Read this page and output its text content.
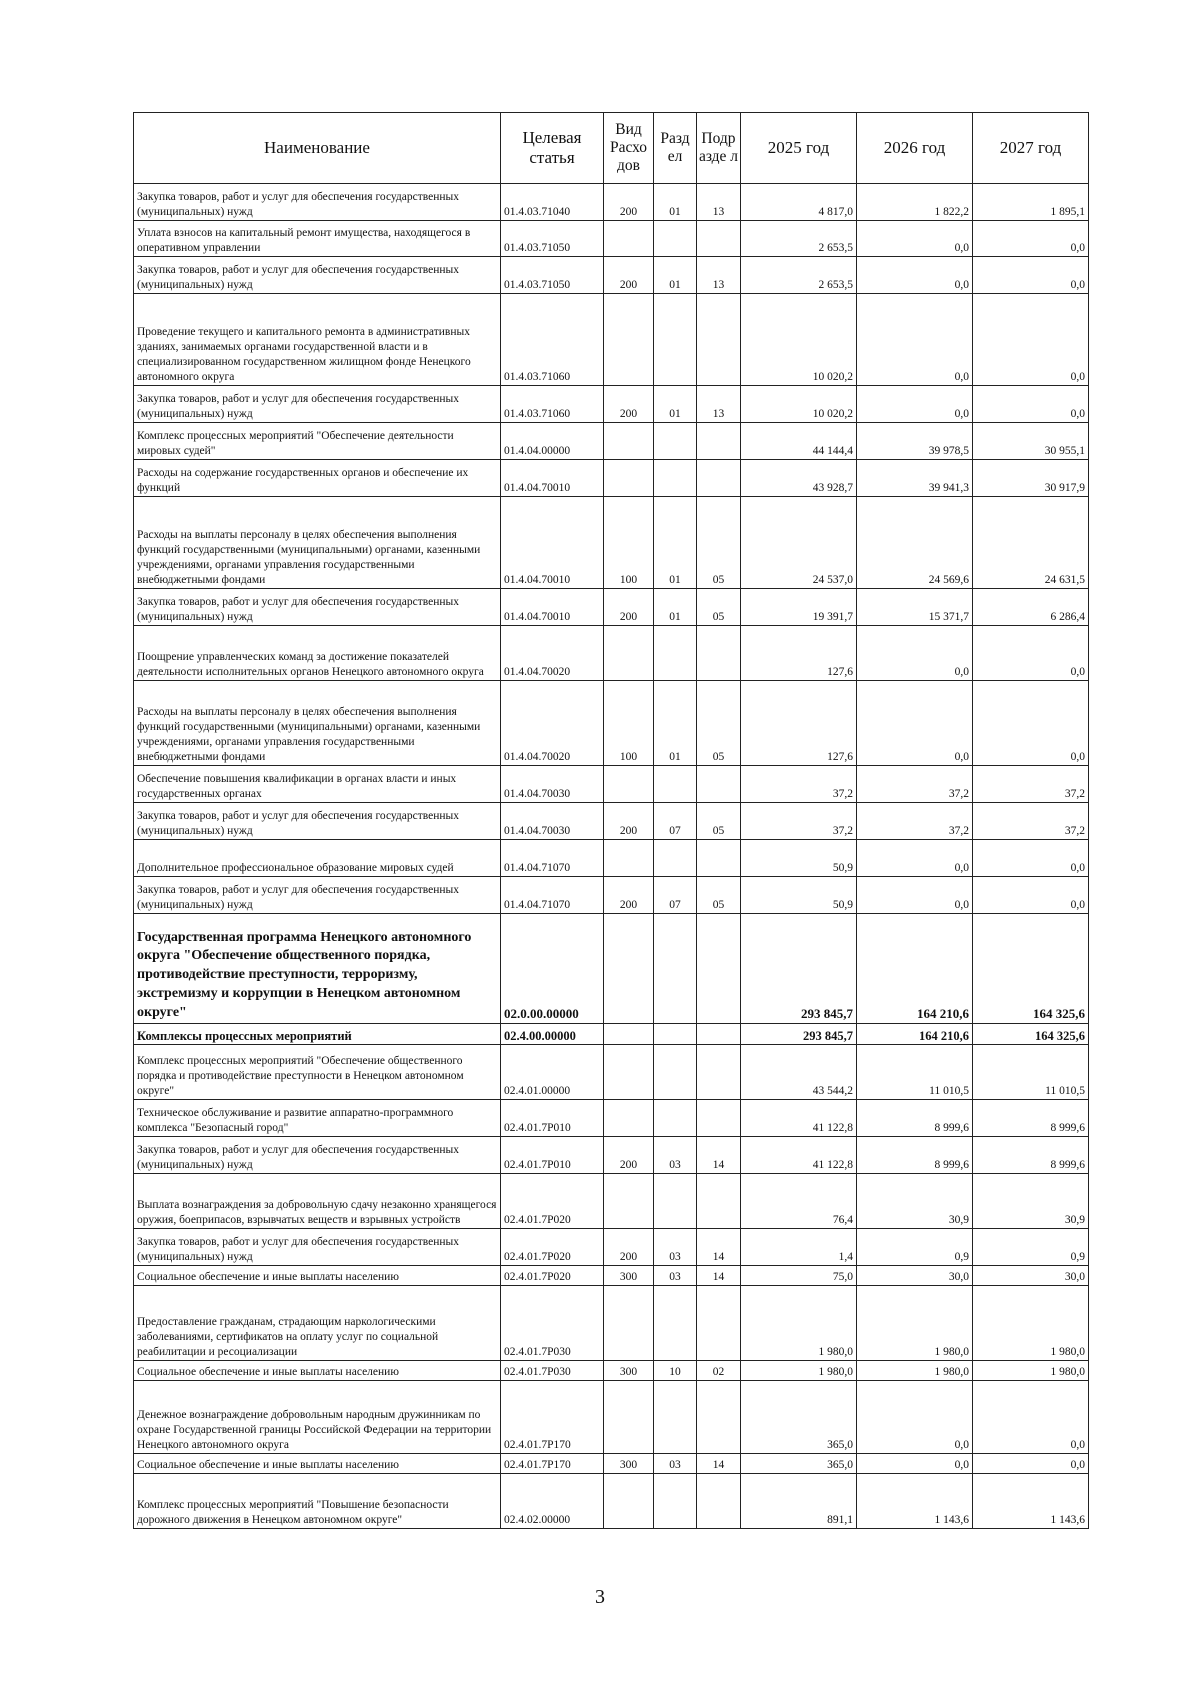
Наименование	Целевая статья	Вид Расхо дов	Разд ел	Подр азде л	2025 год	2026 год	2027 год
Закупка товаров, работ и услуг для обеспечения государственных (муниципальных) нужд	01.4.03.71040	200	01	13	4 817,0	1 822,2	1 895,1
Уплата взносов на капитальный ремонт имущества, находящегося в оперативном управлении	01.4.03.71050				2 653,5	0,0	0,0
Закупка товаров, работ и услуг для обеспечения государственных (муниципальных) нужд	01.4.03.71050	200	01	13	2 653,5	0,0	0,0
Проведение текущего и капитального ремонта в административных зданиях, занимаемых органами государственной власти и в специализированном государственном жилищном фонде Ненецкого автономного округа	01.4.03.71060				10 020,2	0,0	0,0
Закупка товаров, работ и услуг для обеспечения государственных (муниципальных) нужд	01.4.03.71060	200	01	13	10 020,2	0,0	0,0
Комплекс процессных мероприятий "Обеспечение деятельности мировых судей"	01.4.04.00000				44 144,4	39 978,5	30 955,1
Расходы на содержание государственных органов и обеспечение их функций	01.4.04.70010				43 928,7	39 941,3	30 917,9
Расходы на выплаты персоналу в целях обеспечения выполнения функций государственными (муниципальными) органами, казенными учреждениями, органами управления государственными внебюджетными фондами	01.4.04.70010	100	01	05	24 537,0	24 569,6	24 631,5
Закупка товаров, работ и услуг для обеспечения государственных (муниципальных) нужд	01.4.04.70010	200	01	05	19 391,7	15 371,7	6 286,4
Поощрение управленческих команд за достижение показателей деятельности исполнительных органов Ненецкого автономного округа	01.4.04.70020				127,6	0,0	0,0
Расходы на выплаты персоналу в целях обеспечения выполнения функций государственными (муниципальными) органами, казенными учреждениями, органами управления государственными внебюджетными фондами	01.4.04.70020	100	01	05	127,6	0,0	0,0
Обеспечение повышения квалификации в органах власти и иных государственных органах	01.4.04.70030				37,2	37,2	37,2
Закупка товаров, работ и услуг для обеспечения государственных (муниципальных) нужд	01.4.04.70030	200	07	05	37,2	37,2	37,2
Дополнительное профессиональное образование мировых судей	01.4.04.71070				50,9	0,0	0,0
Закупка товаров, работ и услуг для обеспечения государственных (муниципальных) нужд	01.4.04.71070	200	07	05	50,9	0,0	0,0
Государственная программа Ненецкого автономного округа "Обеспечение общественного порядка, противодействие преступности, терроризму, экстремизму и коррупции в Ненецком автономном округе"	02.0.00.00000				293 845,7	164 210,6	164 325,6
Комплексы процессных мероприятий	02.4.00.00000				293 845,7	164 210,6	164 325,6
Комплекс процессных мероприятий "Обеспечение общественного порядка и противодействие преступности в Ненецком автономном округе"	02.4.01.00000				43 544,2	11 010,5	11 010,5
Техническое обслуживание и развитие аппаратно-программного комплекса "Безопасный город"	02.4.01.7Р010				41 122,8	8 999,6	8 999,6
Закупка товаров, работ и услуг для обеспечения государственных (муниципальных) нужд	02.4.01.7Р010	200	03	14	41 122,8	8 999,6	8 999,6
Выплата вознаграждения за добровольную сдачу незаконно хранящегося оружия, боеприпасов, взрывчатых веществ и взрывных устройств	02.4.01.7Р020				76,4	30,9	30,9
Закупка товаров, работ и услуг для обеспечения государственных (муниципальных) нужд	02.4.01.7Р020	200	03	14	1,4	0,9	0,9
Социальное обеспечение и иные выплаты населению	02.4.01.7Р020	300	03	14	75,0	30,0	30,0
Предоставление гражданам, страдающим наркологическими заболеваниями, сертификатов на оплату услуг по социальной реабилитации и ресоциализации	02.4.01.7Р030				1 980,0	1 980,0	1 980,0
Социальное обеспечение и иные выплаты населению	02.4.01.7Р030	300	10	02	1 980,0	1 980,0	1 980,0
Денежное вознаграждение добровольным народным дружинникам по охране Государственной границы Российской Федерации на территории Ненецкого автономного округа	02.4.01.7Р170				365,0	0,0	0,0
Социальное обеспечение и иные выплаты населению	02.4.01.7Р170	300	03	14	365,0	0,0	0,0
Комплекс процессных мероприятий "Повышение безопасности дорожного движения в Ненецком автономном округе"	02.4.02.00000				891,1	1 143,6	1 143,6
3
